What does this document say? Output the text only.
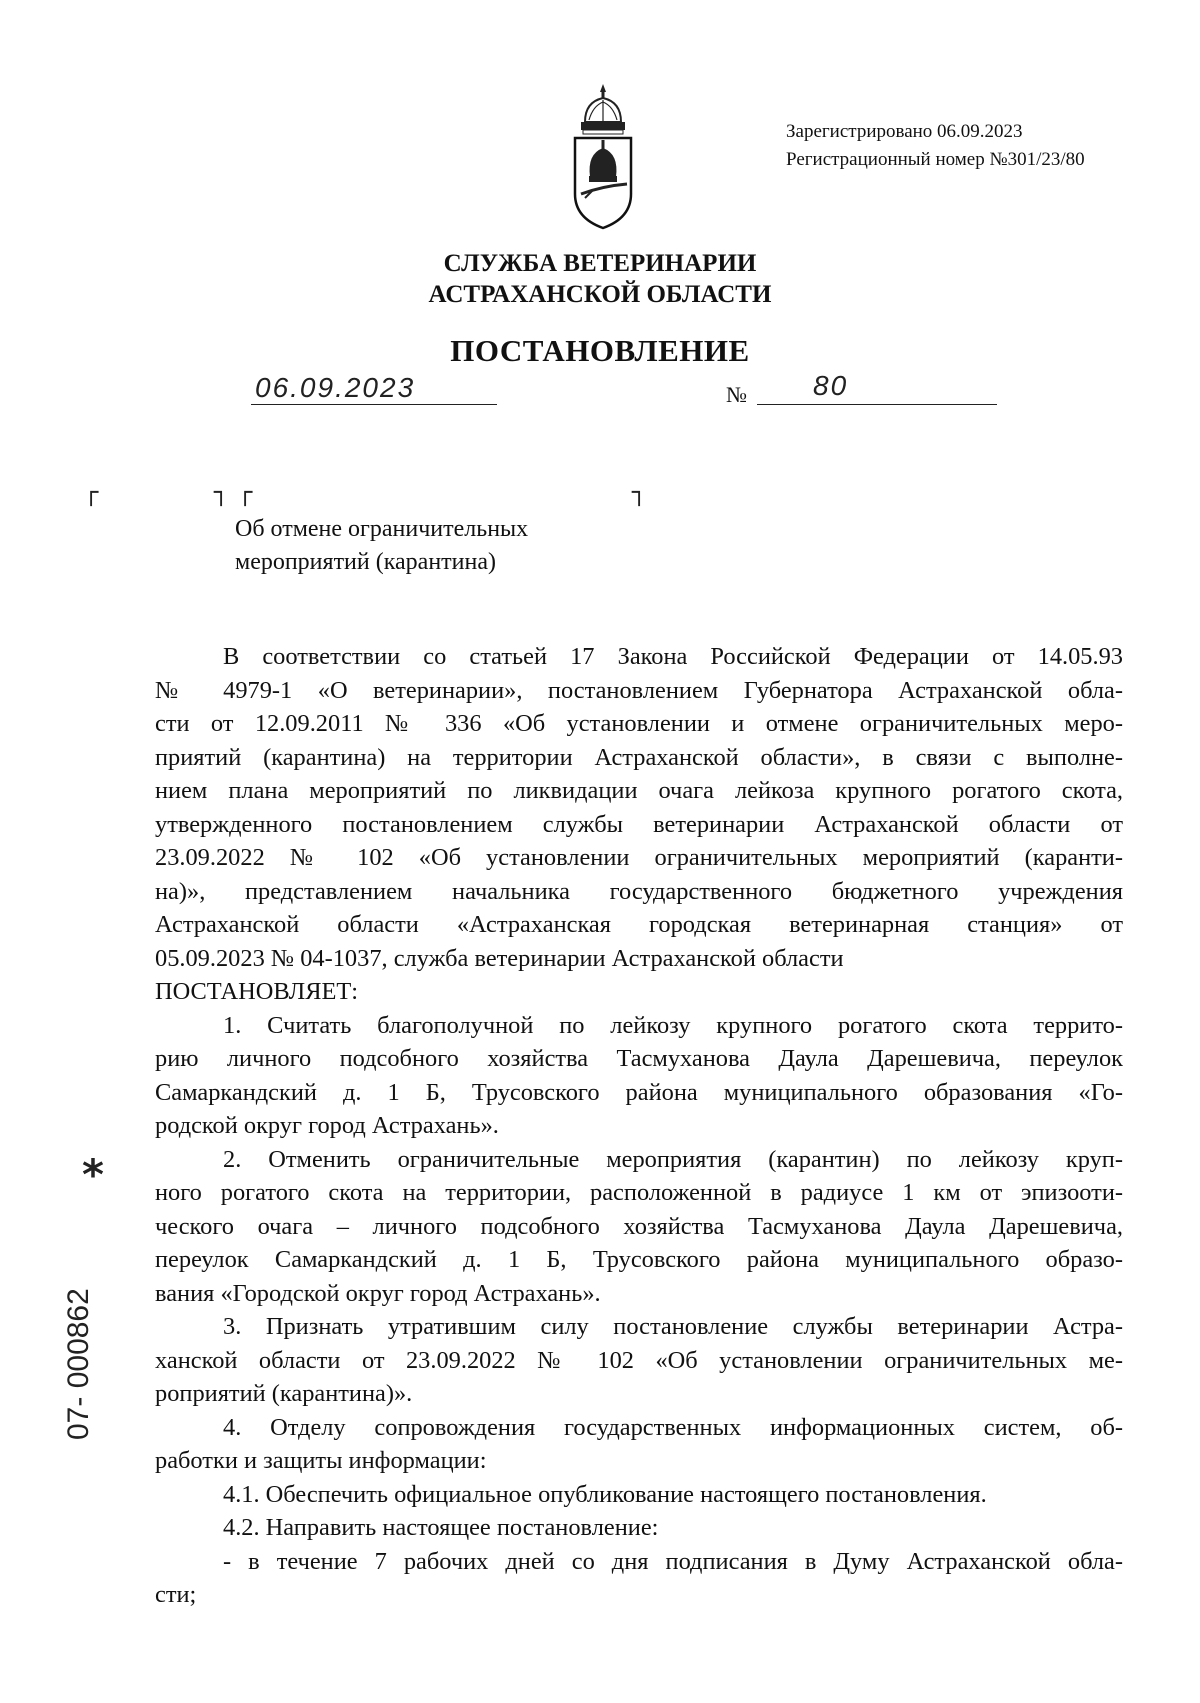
Зарегистрировано 06.09.2023
Регистрационный номер №301/23/80
СЛУЖБА ВЕТЕРИНАРИИ
АСТРАХАНСКОЙ ОБЛАСТИ
ПОСТАНОВЛЕНИЕ
06.09.2023	№ 80
┌	┐ ┌	┐
Об отмене ограничительных
мероприятий (карантина)

В соответствии со статьей 17 Закона Российской Федерации от 14.05.93

№ 4979-1 «О ветеринарии», постановлением Губернатора Астраханской обла-

сти от 12.09.2011 № 336 «Об установлении и отмене ограничительных меро-

приятий (карантина) на территории Астраханской области», в связи с выполне-

нием плана мероприятий по ликвидации очага лейкоза крупного рогатого скота,

утвержденного постановлением службы ветеринарии Астраханской области от

23.09.2022 № 102 «Об установлении ограничительных мероприятий (каранти-

на)», представлением начальника государственного бюджетного учреждения

Астраханской области «Астраханская городская ветеринарная станция» от

05.09.2023 № 04-1037, служба ветеринарии Астраханской области

ПОСТАНОВЛЯЕТ:

1. Считать благополучной по лейкозу крупного рогатого скота террито-

рию личного подсобного хозяйства Тасмуханова Даула Дарешевича, переулок

Самаркандский д. 1 Б, Трусовского района муниципального образования «Го-

родской округ город Астрахань».

2. Отменить ограничительные мероприятия (карантин) по лейкозу круп-

ного рогатого скота на территории, расположенной в радиусе 1 км от эпизооти-

ческого очага – личного подсобного хозяйства Тасмуханова Даула Дарешевича,

переулок Самаркандский д. 1 Б, Трусовского района муниципального образо-

вания «Городской округ город Астрахань».

3. Признать утратившим силу постановление службы ветеринарии Астра-

ханской области от 23.09.2022 № 102 «Об установлении ограничительных ме-

роприятий (карантина)».

4. Отделу сопровождения государственных информационных систем, об-

работки и защиты информации:

4.1. Обеспечить официальное опубликование настоящего постановления.

4.2. Направить настоящее постановление:

- в течение 7 рабочих дней со дня подписания в Думу Астраханской обла-

сти;

*
07- 000862
